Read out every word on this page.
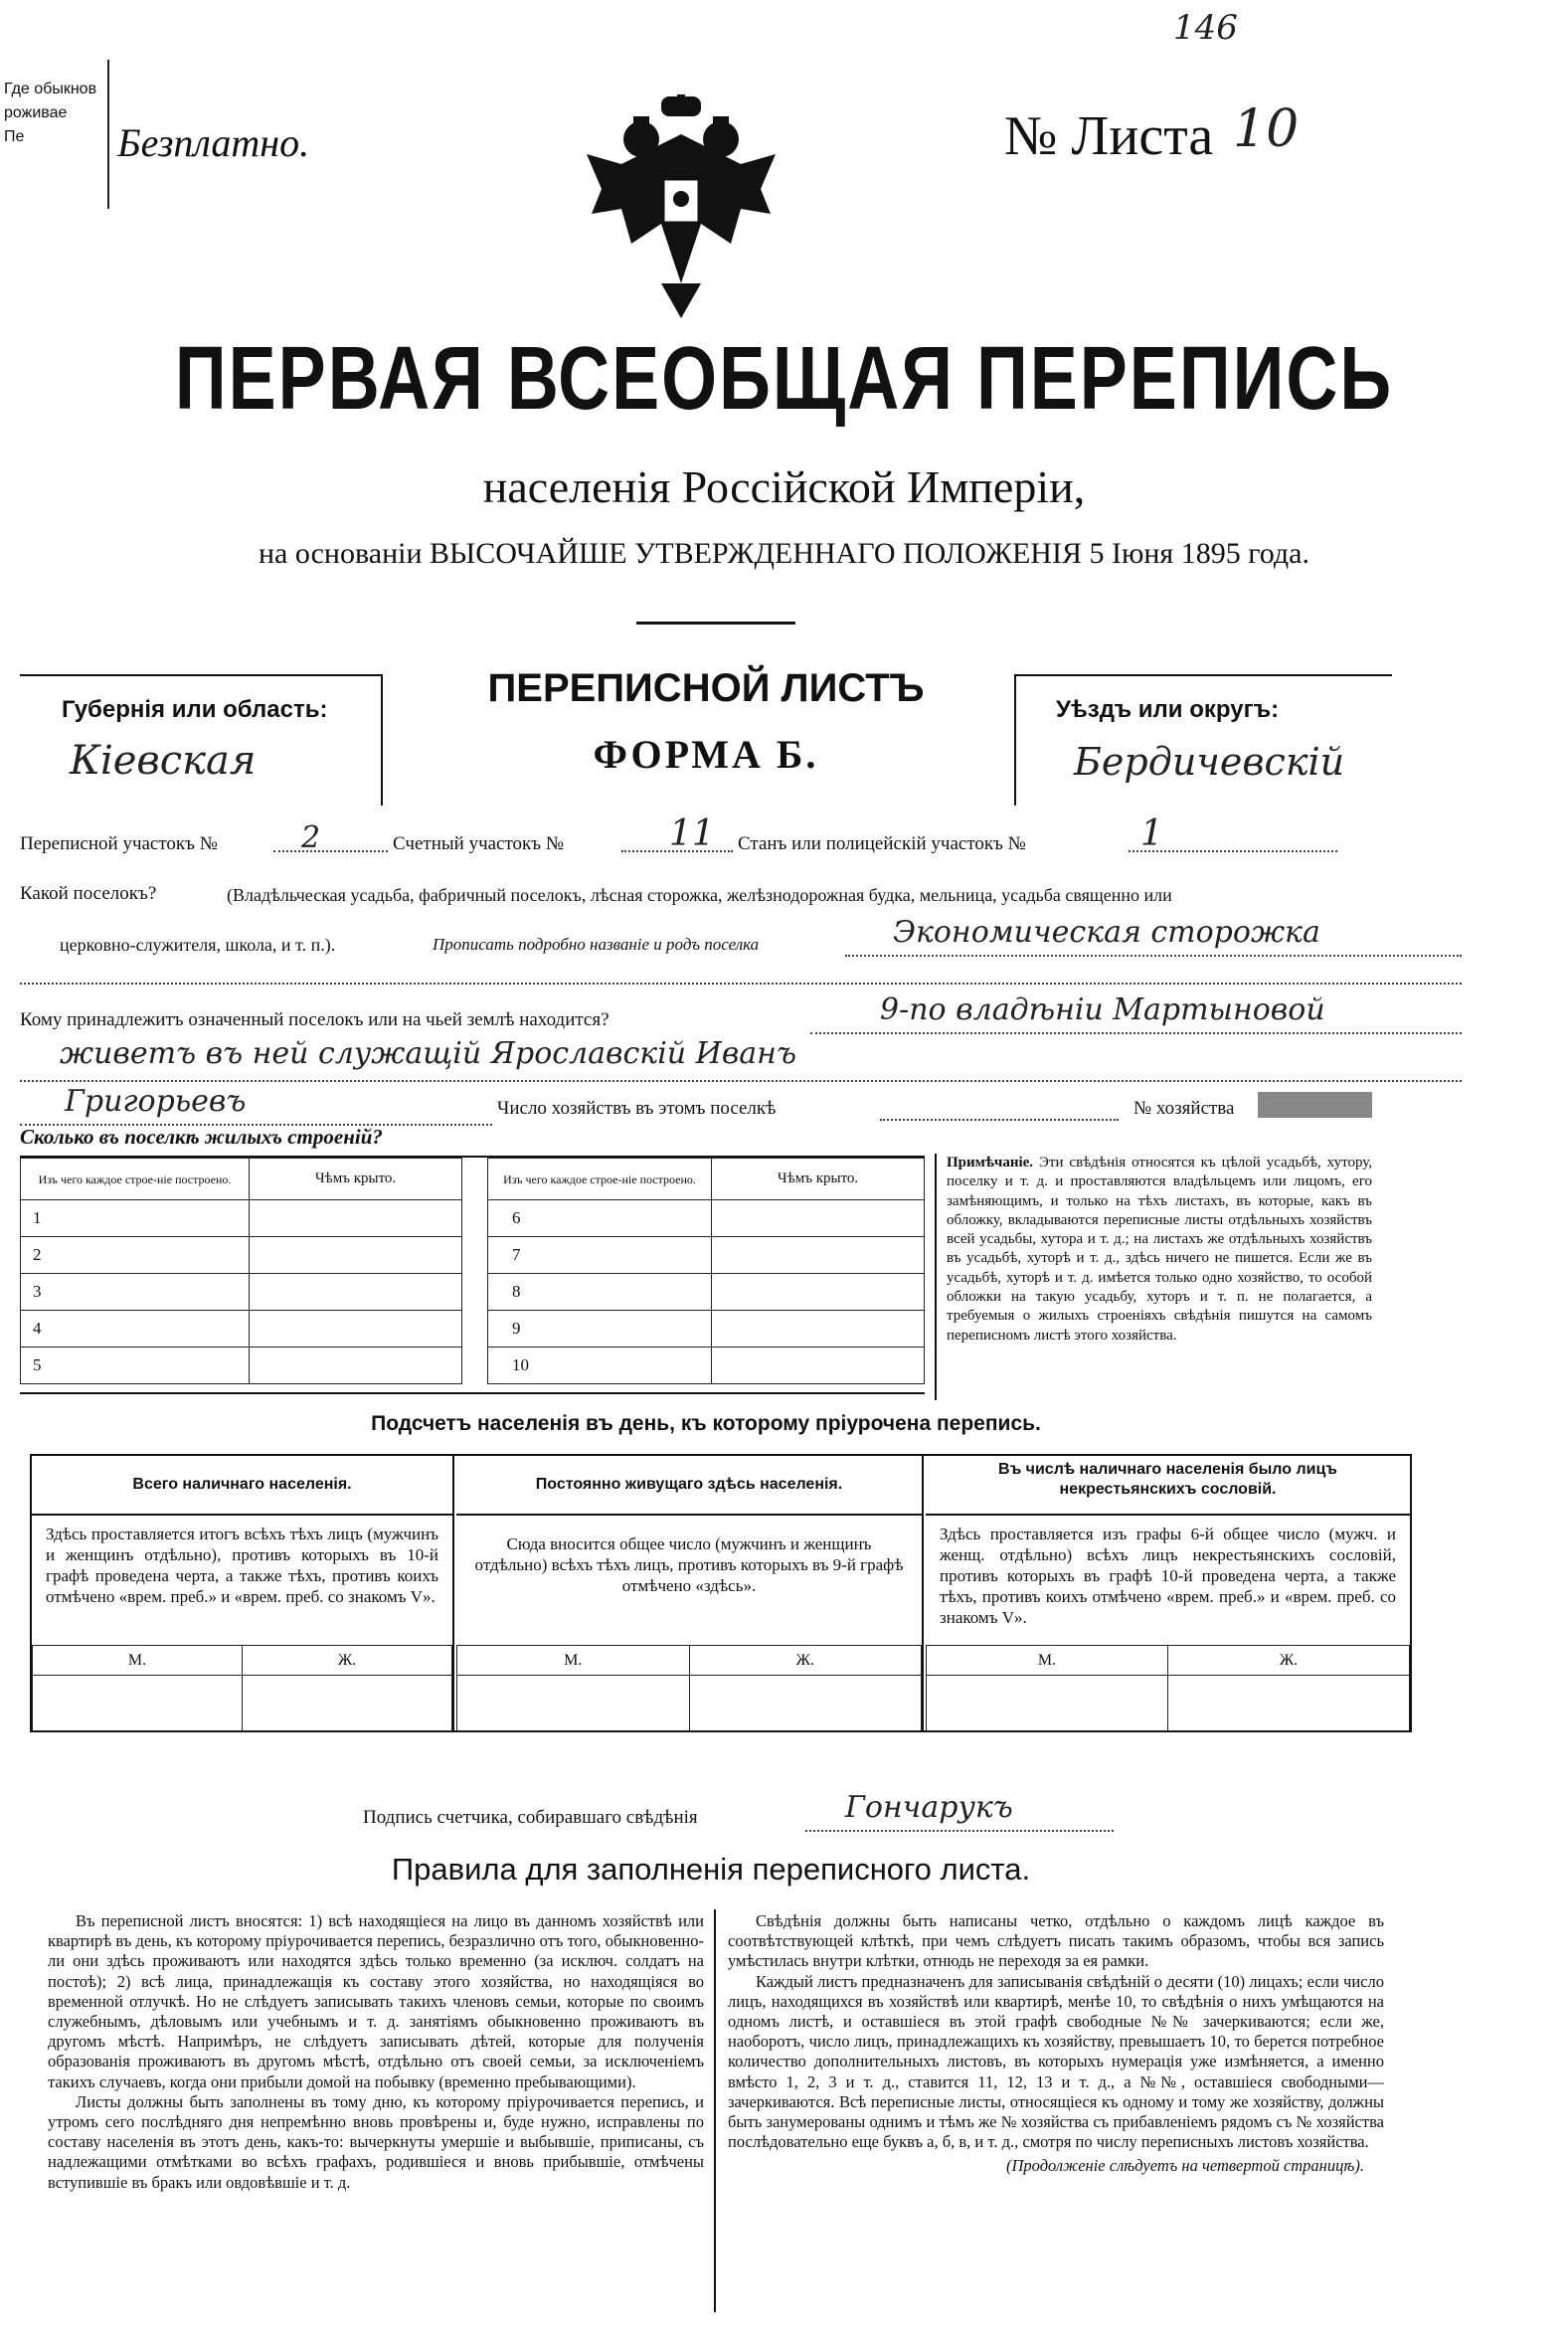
146
Где обыкнов
роживае
Пе	Безплатно.	№ Листа 10
ПЕРВАЯ ВСЕОБЩАЯ ПЕРЕПИСЬ
населенія Россійской Имперіи,
на основаніи ВЫСОЧАЙШЕ УТВЕРЖДЕННАГО ПОЛОЖЕНІЯ 5 Іюня 1895 года.
Губернія или область:
Кіевская
ПЕРЕПИСНОЙ ЛИСТЪ
ФОРМА Б.
Уѣздъ или округъ:
Бердичевскій
Переписной участокъ №	2	Счетный участокъ №	11	Станъ или полицейскій участокъ №	1
Какой поселокъ?	(Владѣльческая усадьба, фабричный поселокъ, лѣсная сторожка, желѣзнодорожная будка, мельница, усадьба священно или
церковно-служителя, школа, и т. п.).	Прописать подробно названіе и родъ поселка	Экономическая сторожка
Кому принадлежитъ означенный поселокъ или на чьей землѣ находится?	9-по владѣніи Мартыновой
живетъ въ ней служащій Ярославскій Иванъ
Григорьевъ	Число хозяйствъ въ этомъ поселкѣ	№ хозяйства
Сколько въ поселкѣ жилыхъ строеній?
Изъ чего каждое строе-ніе построено.	Чѣмъ крыто.
1	
2	
3	
4	
5	
Изъ чего каждое строе-ніе построено.	Чѣмъ крыто.
6	
7	
8	
9	
10	
Примѣчаніе. Эти свѣдѣнія относятся къ цѣлой усадьбѣ, хутору, поселку и т. д. и проставляются владѣльцемъ или лицомъ, его замѣняющимъ, и только на тѣхъ листахъ, въ которые, какъ въ обложку, вкладываются переписные листы отдѣльныхъ хозяйствъ всей усадьбы, хутора и т. д.; на листахъ же отдѣльныхъ хозяйствъ въ усадьбѣ, хуторѣ и т. д., здѣсь ничего не пишется. Если же въ усадьбѣ, хуторѣ и т. д. имѣется только одно хозяйство, то особой обложки на такую усадьбу, хуторъ и т. п. не полагается, а требуемыя о жилыхъ строеніяхъ свѣдѣнія пишутся на самомъ переписномъ листѣ этого хозяйства.
Подсчетъ населенія въ день, къ которому пріурочена перепись.
Всего наличнаго населенія.
Здѣсь проставляется итогъ всѣхъ тѣхъ лицъ (мужчинъ и женщинъ отдѣльно), противъ которыхъ въ 10-й графѣ проведена черта, а также тѣхъ, противъ коихъ отмѣчено «врем. преб.» и «врем. преб. со знакомъ V».
М.	Ж.

Постоянно живущаго здѣсь населенія.
Сюда вносится общее число (мужчинъ и женщинъ отдѣльно) всѣхъ тѣхъ лицъ, противъ которыхъ въ 9-й графѣ отмѣчено «здѣсь».
М.	Ж.

Въ числѣ наличнаго населенія было лицъ некрестьянскихъ сословій.
Здѣсь проставляется изъ графы 6-й общее число (мужч. и женщ. отдѣльно) всѣхъ лицъ некрестьянскихъ сословій, противъ которыхъ въ графѣ 10-й проведена черта, а также тѣхъ, противъ коихъ отмѣчено «врем. преб.» и «врем. преб. со знакомъ V».
М.	Ж.

Подпись счетчика, собиравшаго свѣдѣнія	Гончарукъ
Правила для заполненія переписного листа.

Въ переписной листъ вносятся: 1) всѣ находящіеся на лицо въ данномъ хозяйствѣ или квартирѣ въ день, къ которому пріурочивается перепись, безразлично отъ того, обыкновенно-ли они здѣсь проживаютъ или находятся здѣсь только временно (за исключ. солдатъ на постоѣ); 2) всѣ лица, принадлежащія къ составу этого хозяйства, но находящіяся во временной отлучкѣ. Но не слѣдуетъ записывать такихъ членовъ семьи, которые по своимъ служебнымъ, дѣловымъ или учебнымъ и т. д. занятіямъ обыкновенно проживаютъ въ другомъ мѣстѣ. Напримѣръ, не слѣдуетъ записывать дѣтей, которые для полученія образованія проживаютъ въ другомъ мѣстѣ, отдѣльно отъ своей семьи, за исключеніемъ такихъ случаевъ, когда они прибыли домой на побывку (временно пребывающими).

Листы должны быть заполнены въ тому дню, къ которому пріурочивается перепись, и утромъ сего послѣдняго дня непремѣнно вновь провѣрены и, буде нужно, исправлены по составу населенія въ этотъ день, какъ-то: вычеркнуты умершіе и выбывшіе, приписаны, съ надлежащими отмѣтками во всѣхъ графахъ, родившіеся и вновь прибывшіе, отмѣчены вступившіе въ бракъ или овдовѣвшіе и т. д.

Свѣдѣнія должны быть написаны четко, отдѣльно о каждомъ лицѣ каждое въ соотвѣтствующей клѣткѣ, при чемъ слѣдуетъ писать такимъ образомъ, чтобы вся запись умѣстилась внутри клѣтки, отнюдь не переходя за ея рамки.

Каждый листъ предназначенъ для записыванія свѣдѣній о десяти (10) лицахъ; если число лицъ, находящихся въ хозяйствѣ или квартирѣ, менѣе 10, то свѣдѣнія о нихъ умѣщаются на одномъ листѣ, и оставшіеся въ этой графѣ свободные №№ зачеркиваются; если же, наоборотъ, число лицъ, принадлежащихъ къ хозяйству, превышаетъ 10, то берется потребное количество дополнительныхъ листовъ, въ которыхъ нумерація уже измѣняется, а именно вмѣсто 1, 2, 3 и т. д., ставится 11, 12, 13 и т. д., а №№, оставшіеся свободными—зачеркиваются. Всѣ переписные листы, относящіеся къ одному и тому же хозяйству, должны быть занумерованы однимъ и тѣмъ же № хозяйства съ прибавленіемъ рядомъ съ № хозяйства послѣдовательно еще буквъ а, б, в, и т. д., смотря по числу переписныхъ листовъ хозяйства.

(Продолженіе слѣдуетъ на четвертой страницѣ).
